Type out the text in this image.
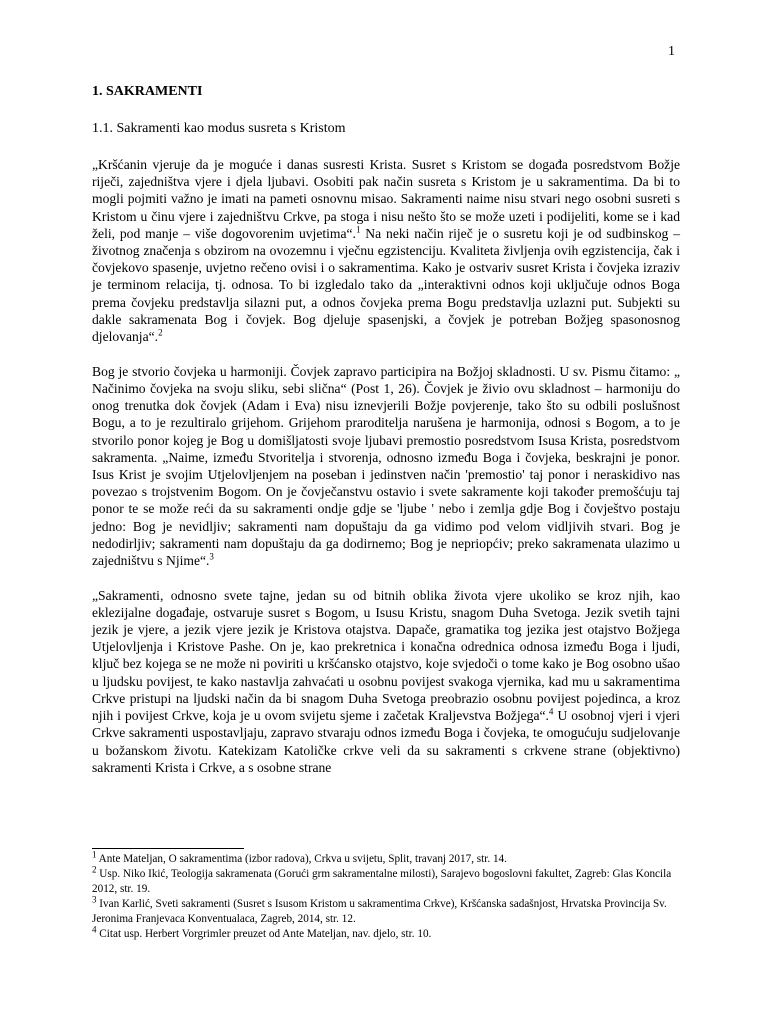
1
1. SAKRAMENTI
1.1. Sakramenti kao modus susreta s Kristom

„Kršćanin vjeruje da je moguće i danas susresti Krista. Susret s Kristom se događa posredstvom Božje riječi, zajedništva vjere i djela ljubavi. Osobiti pak način susreta s Kristom je u sakramentima. Da bi to mogli pojmiti važno je imati na pameti osnovnu misao. Sakramenti naime nisu stvari nego osobni susreti s Kristom u činu vjere i zajedništvu Crkve, pa stoga i nisu nešto što se može uzeti i podijeliti, kome se i kad želi, pod manje – više dogovorenim uvjetima“.$^1$ Na neki način riječ je o susretu koji je od sudbinskog – životnog značenja s obzirom na ovozemnu i vječnu egzistenciju. Kvaliteta življenja ovih egzistencija, čak i čovjekovo spasenje, uvjetno rečeno ovisi i o sakramentima. Kako je ostvariv susret Krista i čovjeka izraziv je terminom relacija, tj. odnosa. To bi izgledalo tako da „interaktivni odnos koji uključuje odnos Boga prema čovjeku predstavlja silazni put, a odnos čovjeka prema Bogu predstavlja uzlazni put. Subjekti su dakle sakramenata Bog i čovjek. Bog djeluje spasenjski, a čovjek je potreban Božjeg spasonosnog djelovanja“.$^2$

Bog je stvorio čovjeka u harmoniji. Čovjek zapravo participira na Božjoj skladnosti. U sv. Pismu čitamo: „ Načinimo čovjeka na svoju sliku, sebi slična“ (Post 1, 26). Čovjek je živio ovu skladnost – harmoniju do onog trenutka dok čovjek (Adam i Eva) nisu iznevjerili Božje povjerenje, tako što su odbili poslušnost Bogu, a to je rezultiralo grijehom. Grijehom praroditelja narušena je harmonija, odnosi s Bogom, a to je stvorilo ponor kojeg je Bog u domišljatosti svoje ljubavi premostio posredstvom Isusa Krista, posredstvom sakramenta. „Naime, između Stvoritelja i stvorenja, odnosno između Boga i čovjeka, beskrajni je ponor. Isus Krist je svojim Utjelovljenjem na poseban i jedinstven način 'premostio' taj ponor i neraskidivo nas povezao s trojstvenim Bogom. On je čovječanstvu ostavio i svete sakramente koji također premošćuju taj ponor te se može reći da su sakramenti ondje gdje se 'ljube ' nebo i zemlja gdje Bog i čovještvo postaju jedno: Bog je nevidljiv; sakramenti nam dopuštaju da ga vidimo pod velom vidljivih stvari. Bog je nedodirljiv; sakramenti nam dopuštaju da ga dodirnemo; Bog je nepriopćiv; preko sakramenata ulazimo u zajedništvu s Njime“.$^3$

„Sakramenti, odnosno svete tajne, jedan su od bitnih oblika života vjere ukoliko se kroz njih, kao eklezijalne događaje, ostvaruje susret s Bogom, u Isusu Kristu, snagom Duha Svetoga. Jezik svetih tajni jezik je vjere, a jezik vjere jezik je Kristova otajstva. Dapače, gramatika tog jezika jest otajstvo Božjega Utjelovljenja i Kristove Pashe. On je, kao prekretnica i konačna odrednica odnosa između Boga i ljudi, ključ bez kojega se ne može ni poviriti u kršćansko otajstvo, koje svjedoči o tome kako je Bog osobno ušao u ljudsku povijest, te kako nastavlja zahvaćati u osobnu povijest svakoga vjernika, kad mu u sakramentima Crkve pristupi na ljudski način da bi snagom Duha Svetoga preobrazio osobnu povijest pojedinca, a kroz njih i povijest Crkve, koja je u ovom svijetu sjeme i začetak Kraljevstva Božjega“.$^4$ U osobnoj vjeri i vjeri Crkve sakramenti uspostavljaju, zapravo stvaraju odnos između Boga i čovjeka, te omogućuju sudjelovanje u božanskom životu. Katekizam Katoličke crkve veli da su sakramenti s crkvene strane (objektivno) sakramenti Krista i Crkve, a s osobne strane

$^1$ Ante Mateljan, O sakramentima (izbor radova), Crkva u svijetu, Split, travanj 2017, str. 14.

$^2$ Usp. Niko Ikić, Teologija sakramenata (Gorući grm sakramentalne milosti), Sarajevo bogoslovni fakultet, Zagreb: Glas Koncila 2012, str. 19.

$^3$ Ivan Karlić, Sveti sakramenti (Susret s Isusom Kristom u sakramentima Crkve), Kršćanska sadašnjost, Hrvatska Provincija Sv. Jeronima Franjevaca Konventualaca, Zagreb, 2014, str. 12.

$^4$ Citat usp. Herbert Vorgrimler preuzet od Ante Mateljan, nav. djelo, str. 10.
